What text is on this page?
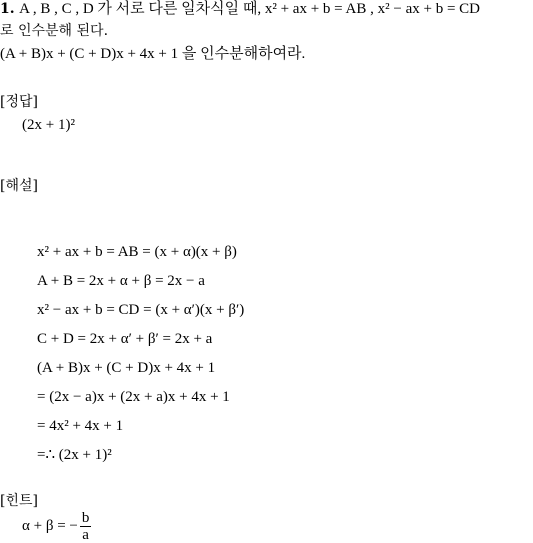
1. A , B , C , D 가 서로 다른 일차식일 때, x² + ax + b = AB , x² − ax + b = CD
로 인수분해 된다.
(A + B)x + (C + D)x + 4x + 1 을 인수분해하여라.
[정답]
(2x + 1)²
[해설]
x² + ax + b = AB = (x + α)(x + β)
A + B = 2x + α + β = 2x − a
x² − ax + b = CD = (x + α′)(x + β′)
C + D = 2x + α′ + β′ = 2x + a
(A + B)x + (C + D)x + 4x + 1
= (2x − a)x + (2x + a)x + 4x + 1
= 4x² + 4x + 1
=∴ (2x + 1)²
[힌트]
α + β = − $\frac{b}{a}$
